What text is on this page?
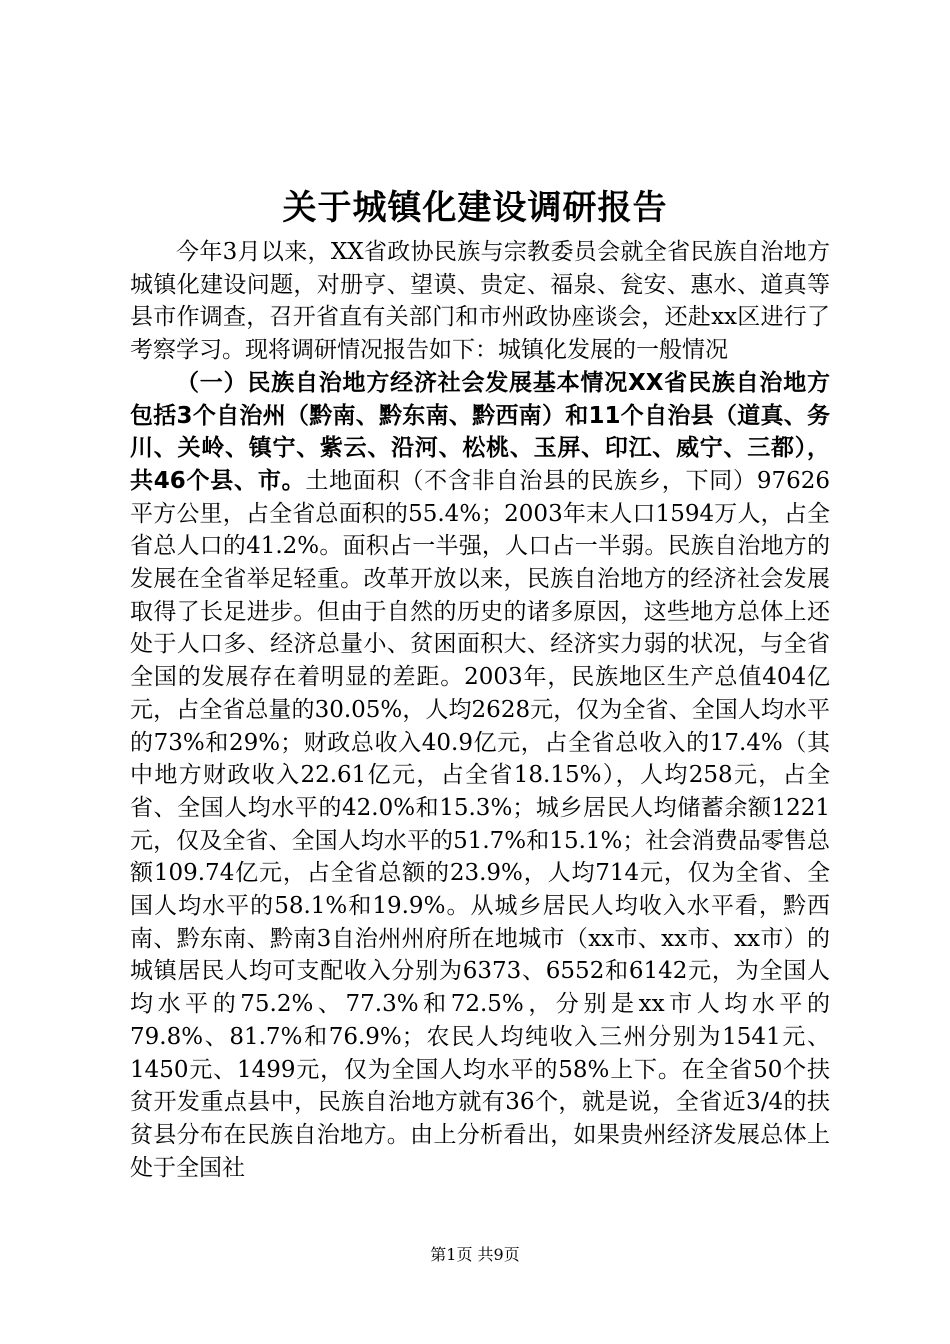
关于城镇化建设调研报告

今年3月以来，XX省政协民族与宗教委员会就全省民族自治地方城镇化建设问题，对册亨、望谟、贵定、福泉、瓮安、惠水、道真等县市作调查，召开省直有关部门和市州政协座谈会，还赴xx区进行了考察学习。现将调研情况报告如下：城镇化发展的一般情况

（一）民族自治地方经济社会发展基本情况XX省民族自治地方包括3个自治州（黔南、黔东南、黔西南）和11个自治县（道真、务川、关岭、镇宁、紫云、沿河、松桃、玉屏、印江、威宁、三都），共46个县、市。土地面积（不含非自治县的民族乡，下同）97626平方公里，占全省总面积的55.4%；2003年末人口1594万人，占全省总人口的41.2%。面积占一半强，人口占一半弱。民族自治地方的发展在全省举足轻重。改革开放以来，民族自治地方的经济社会发展取得了长足进步。但由于自然的历史的诸多原因，这些地方总体上还处于人口多、经济总量小、贫困面积大、经济实力弱的状况，与全省全国的发展存在着明显的差距。2003年，民族地区生产总值404亿元，占全省总量的30.05%，人均2628元，仅为全省、全国人均水平的73%和29%；财政总收入40.9亿元，占全省总收入的17.4%（其中地方财政收入22.61亿元，占全省18.15%），人均258元，占全省、全国人均水平的42.0%和15.3%；城乡居民人均储蓄余额1221元，仅及全省、全国人均水平的51.7%和15.1%；社会消费品零售总额109.74亿元，占全省总额的23.9%，人均714元，仅为全省、全国人均水平的58.1%和19.9%。从城乡居民人均收入水平看，黔西南、黔东南、黔南3自治州州府所在地城市（xx市、xx市、xx市）的城镇居民人均可支配收入分别为6373、6552和6142元，为全国人均水平的75.2%、77.3%和72.5%，分别是xx市人均水平的79.8%、81.7%和76.9%；农民人均纯收入三州分别为1541元、1450元、1499元，仅为全国人均水平的58%上下。在全省50个扶贫开发重点县中，民族自治地方就有36个，就是说，全省近3/4的扶贫县分布在民族自治地方。由上分析看出，如果贵州经济发展总体上处于全国社

第1页 共9页
